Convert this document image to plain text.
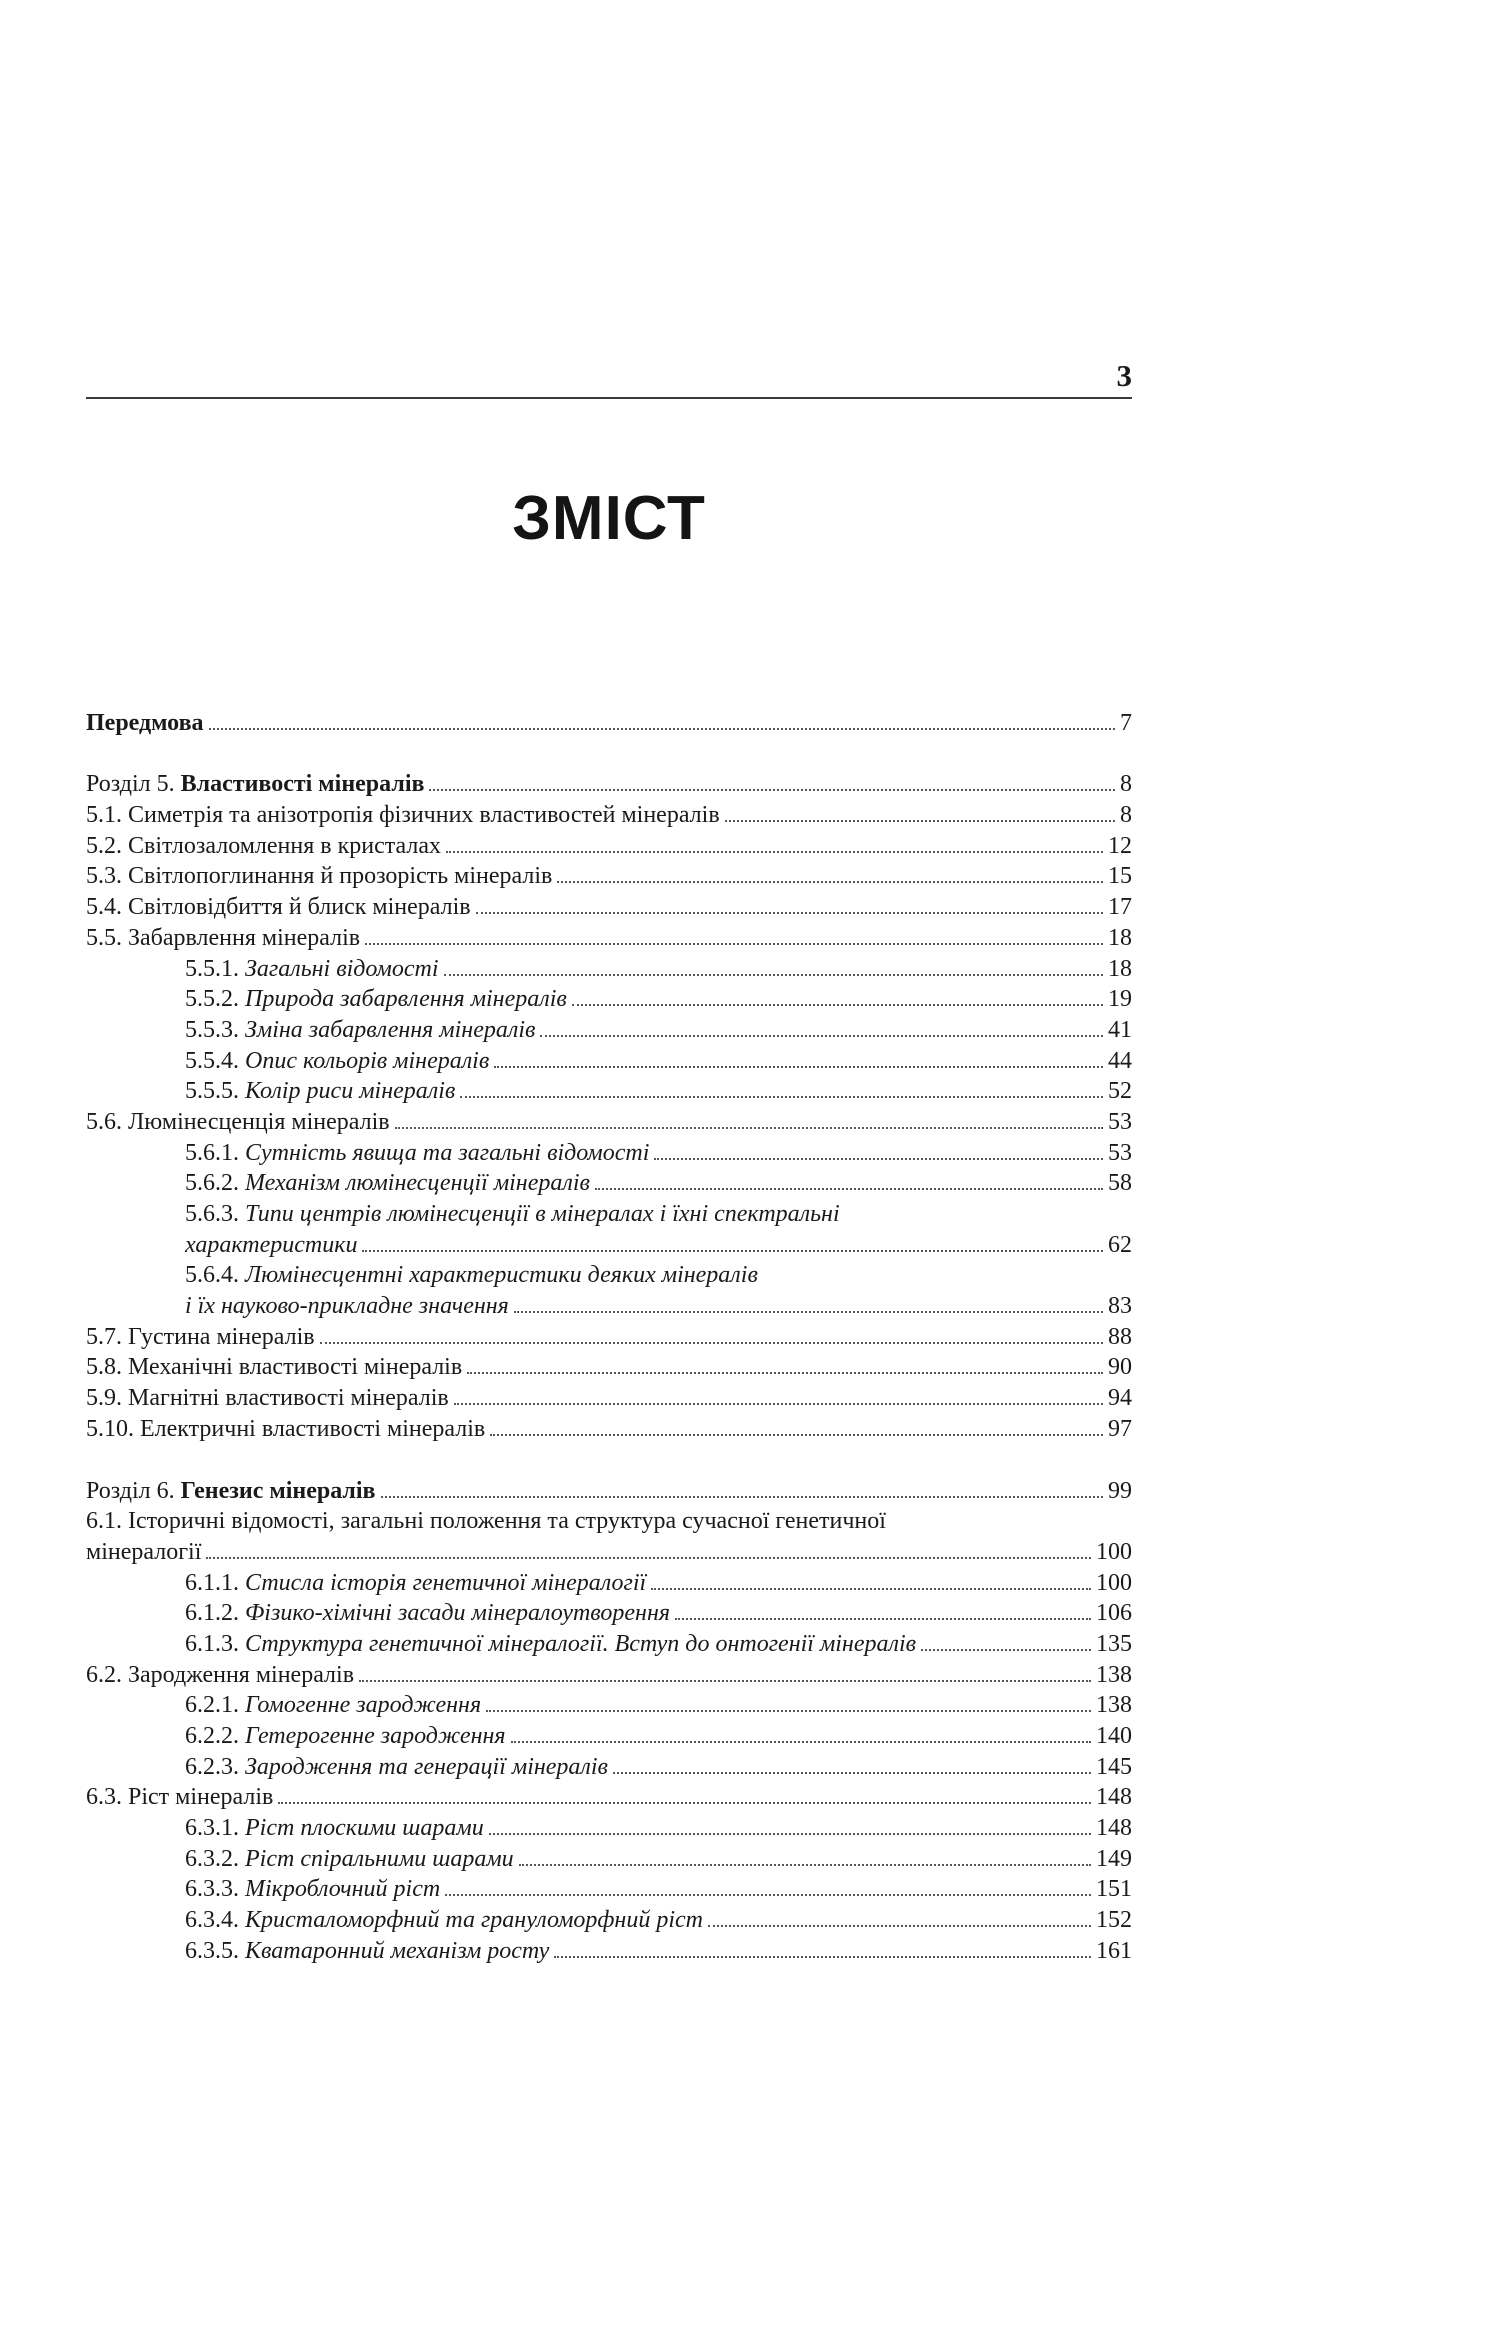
3
ЗМІСТ
Передмова	7
Розділ 5. Властивості мінералів	8
5.1. Симетрія та анізотропія фізичних властивостей мінералів	8
5.2. Світлозаломлення в кристалах	12
5.3. Світлопоглинання й прозорість мінералів	15
5.4. Світловідбиття й блиск мінералів	17
5.5. Забарвлення мінералів	18
5.5.1. Загальні відомості	18
5.5.2. Природа забарвлення мінералів	19
5.5.3. Зміна забарвлення мінералів	41
5.5.4. Опис кольорів мінералів	44
5.5.5. Колір риси мінералів	52
5.6. Люмінесценція мінералів	53
5.6.1. Сутність явища та загальні відомості	53
5.6.2. Механізм люмінесценції мінералів	58
5.6.3. Типи центрів люмінесценції в мінералах і їхні спектральні
характеристики	62
5.6.4. Люмінесцентні характеристики деяких мінералів
і їх науково-прикладне значення	83
5.7. Густина мінералів	88
5.8. Механічні властивості мінералів	90
5.9. Магнітні властивості мінералів	94
5.10. Електричні властивості мінералів	97
Розділ 6. Генезис мінералів	99
6.1. Історичні відомості, загальні положення та структура сучасної генетичної
мінералогії	100
6.1.1. Стисла історія генетичної мінералогії	100
6.1.2. Фізико-хімічні засади мінералоутворення	106
6.1.3. Структура генетичної мінералогії. Вступ до онтогенії мінералів	135
6.2. Зародження мінералів	138
6.2.1. Гомогенне зародження	138
6.2.2. Гетерогенне зародження	140
6.2.3. Зародження та генерації мінералів	145
6.3. Ріст мінералів	148
6.3.1. Ріст плоскими шарами	148
6.3.2. Ріст спіральними шарами	149
6.3.3. Мікроблочний ріст	151
6.3.4. Кристаломорфний та грануломорфний ріст	152
6.3.5. Кватаронний механізм росту	161
